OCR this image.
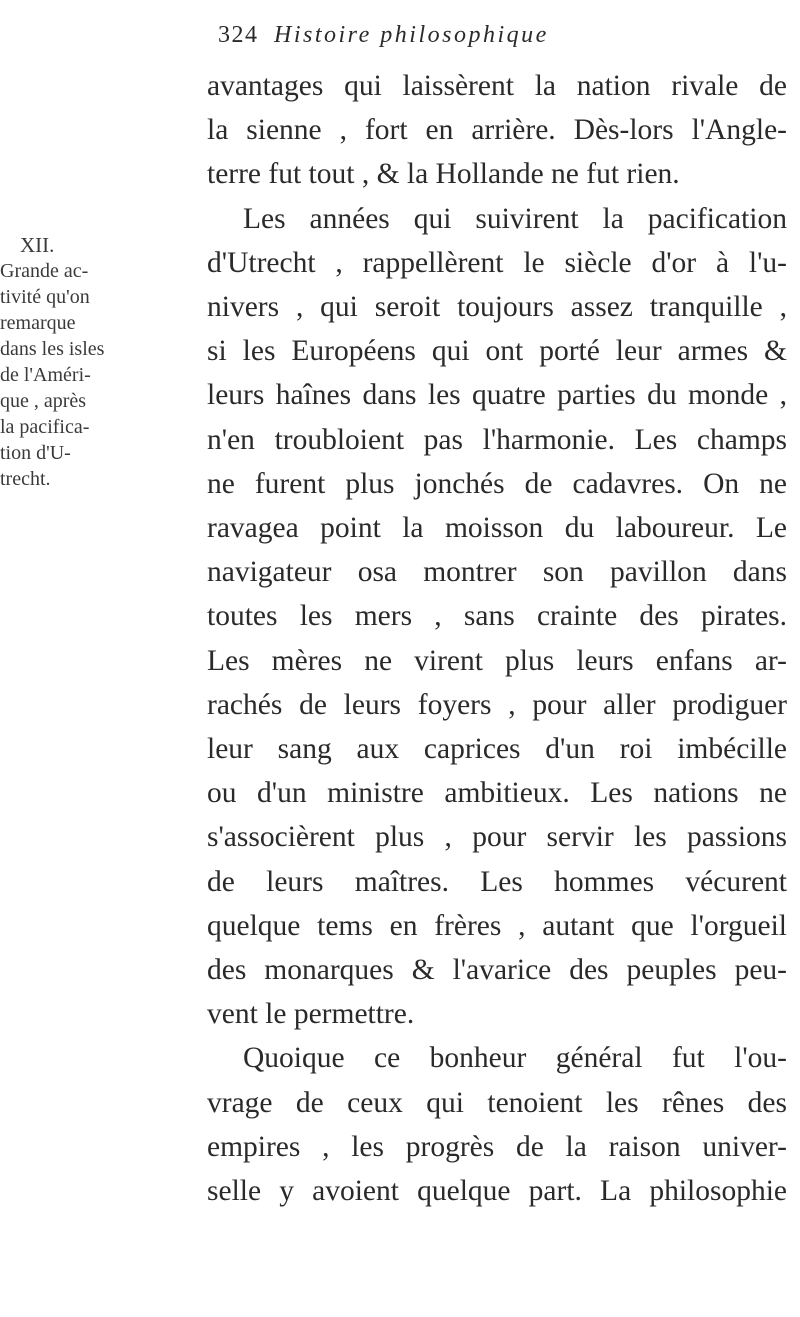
324 Histoire philosophique
XII.
Grande ac-
tivité qu'on
remarque
dans les isles
de l'Améri-
que , après
la pacifica-
tion d'U-
trecht.
avantages qui laissèrent la nation rivale de
la sienne , fort en arrière. Dès-lors l'Angle-
terre fut tout , & la Hollande ne fut rien.
Les années qui suivirent la pacification
d'Utrecht , rappellèrent le siècle d'or à l'u-
nivers , qui seroit toujours assez tranquille ,
si les Européens qui ont porté leur armes &
leurs haînes dans les quatre parties du monde ,
n'en troubloient pas l'harmonie. Les champs
ne furent plus jonchés de cadavres. On ne
ravagea point la moisson du laboureur. Le
navigateur osa montrer son pavillon dans
toutes les mers , sans crainte des pirates.
Les mères ne virent plus leurs enfans ar-
rachés de leurs foyers , pour aller prodiguer
leur sang aux caprices d'un roi imbécille
ou d'un ministre ambitieux. Les nations ne
s'associèrent plus , pour servir les passions
de leurs maîtres. Les hommes vécurent
quelque tems en frères , autant que l'orgueil
des monarques & l'avarice des peuples peu-
vent le permettre.
Quoique ce bonheur général fut l'ou-
vrage de ceux qui tenoient les rênes des
empires , les progrès de la raison univer-
selle y avoient quelque part. La philosophie
